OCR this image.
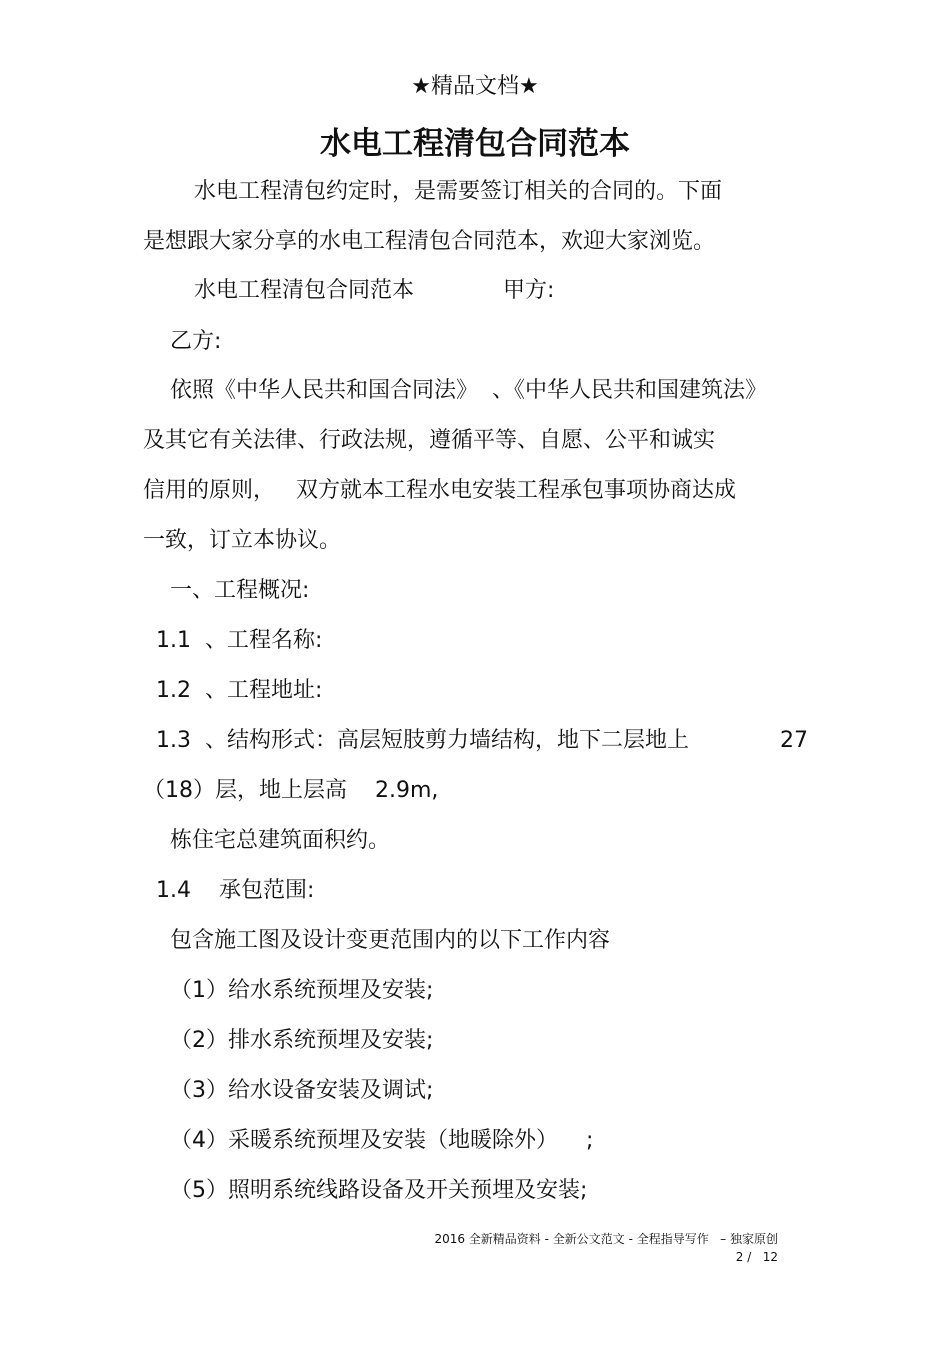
★精品文档★
水电工程清包合同范本

水电工程清包约定时，是需要签订相关的合同的。下面

是想跟大家分享的水电工程清包合同范本，欢迎大家浏览。

水电工程清包合同范本	甲方:

乙方:

依照《中华人民共和国合同法》  、《中华人民共和国建筑法》

及其它有关法律、行政法规，遵循平等、自愿、公平和诚实

信用的原则，   双方就本工程水电安装工程承包事项协商达成

一致，订立本协议。

一、工程概况:

1.1  、工程名称:

1.2  、工程地址:

1.3  、结构形式：高层短肢剪力墙结构，地下二层地上	27

（18）层，地上层高    2.9m,

栋住宅总建筑面积约。

1.4    承包范围:

包含施工图及设计变更范围内的以下工作内容

（1）给水系统预埋及安装;

（2）排水系统预埋及安装;

（3）给水设备安装及调试;

（4）采暖系统预埋及安装（地暖除外）    ;

（5）照明系统线路设备及开关预埋及安装;

2016 全新精品资料 - 全新公文范文 - 全程指导写作   – 独家原创
2 /   12
